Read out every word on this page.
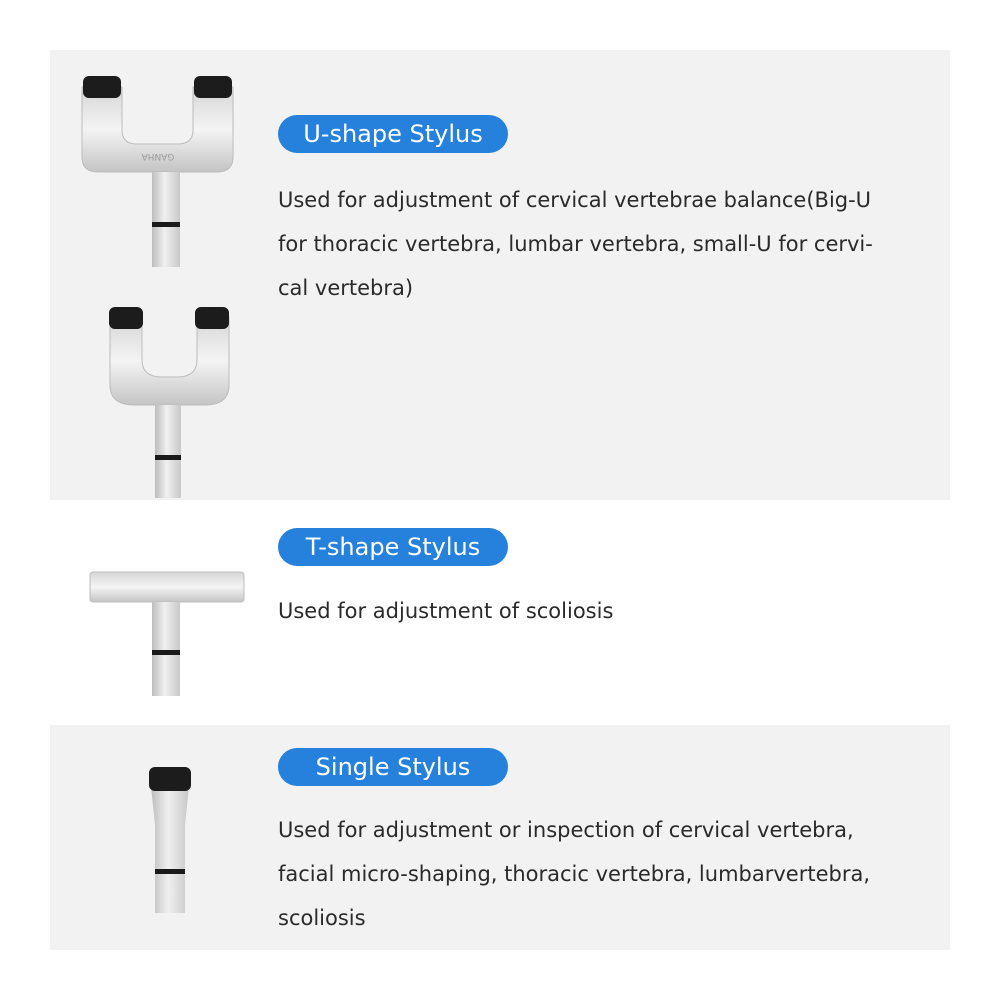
GANHA
U-shape Stylus
Used for adjustment of cervical vertebrae balance(Big-U
for thoracic vertebra, lumbar vertebra, small-U for cervi-
cal vertebra)
T-shape Stylus
Used for adjustment of scoliosis
Single Stylus
Used for adjustment or inspection of cervical vertebra,
facial micro-shaping, thoracic vertebra, lumbarvertebra,
scoliosis
